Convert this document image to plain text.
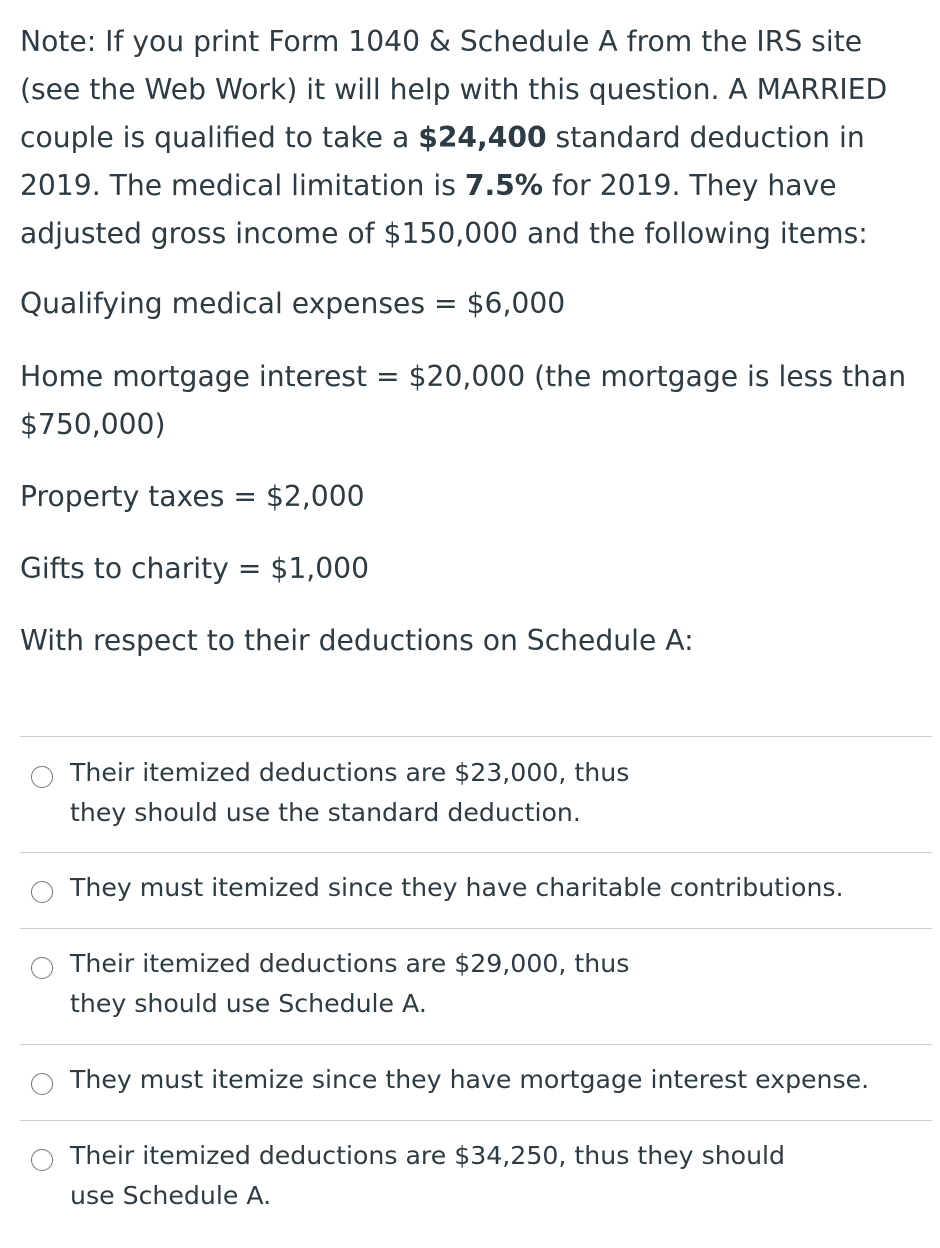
Note: If you print Form 1040 & Schedule A from the IRS site (see the Web Work) it will help with this question. A MARRIED couple is qualified to take a $24,400 standard deduction in 2019. The medical limitation is 7.5% for 2019. They have adjusted gross income of $150,000 and the following items:

Qualifying medical expenses = $6,000

Home mortgage interest = $20,000 (the mortgage is less than $750,000)

Property taxes = $2,000

Gifts to charity = $1,000

With respect to their deductions on Schedule A:

Their itemized deductions are $23,000, thus they should use the standard deduction.

They must itemized since they have charitable contributions.

Their itemized deductions are $29,000, thus they should use Schedule A.

They must itemize since they have mortgage interest expense.

Their itemized deductions are $34,250, thus they should use Schedule A.
